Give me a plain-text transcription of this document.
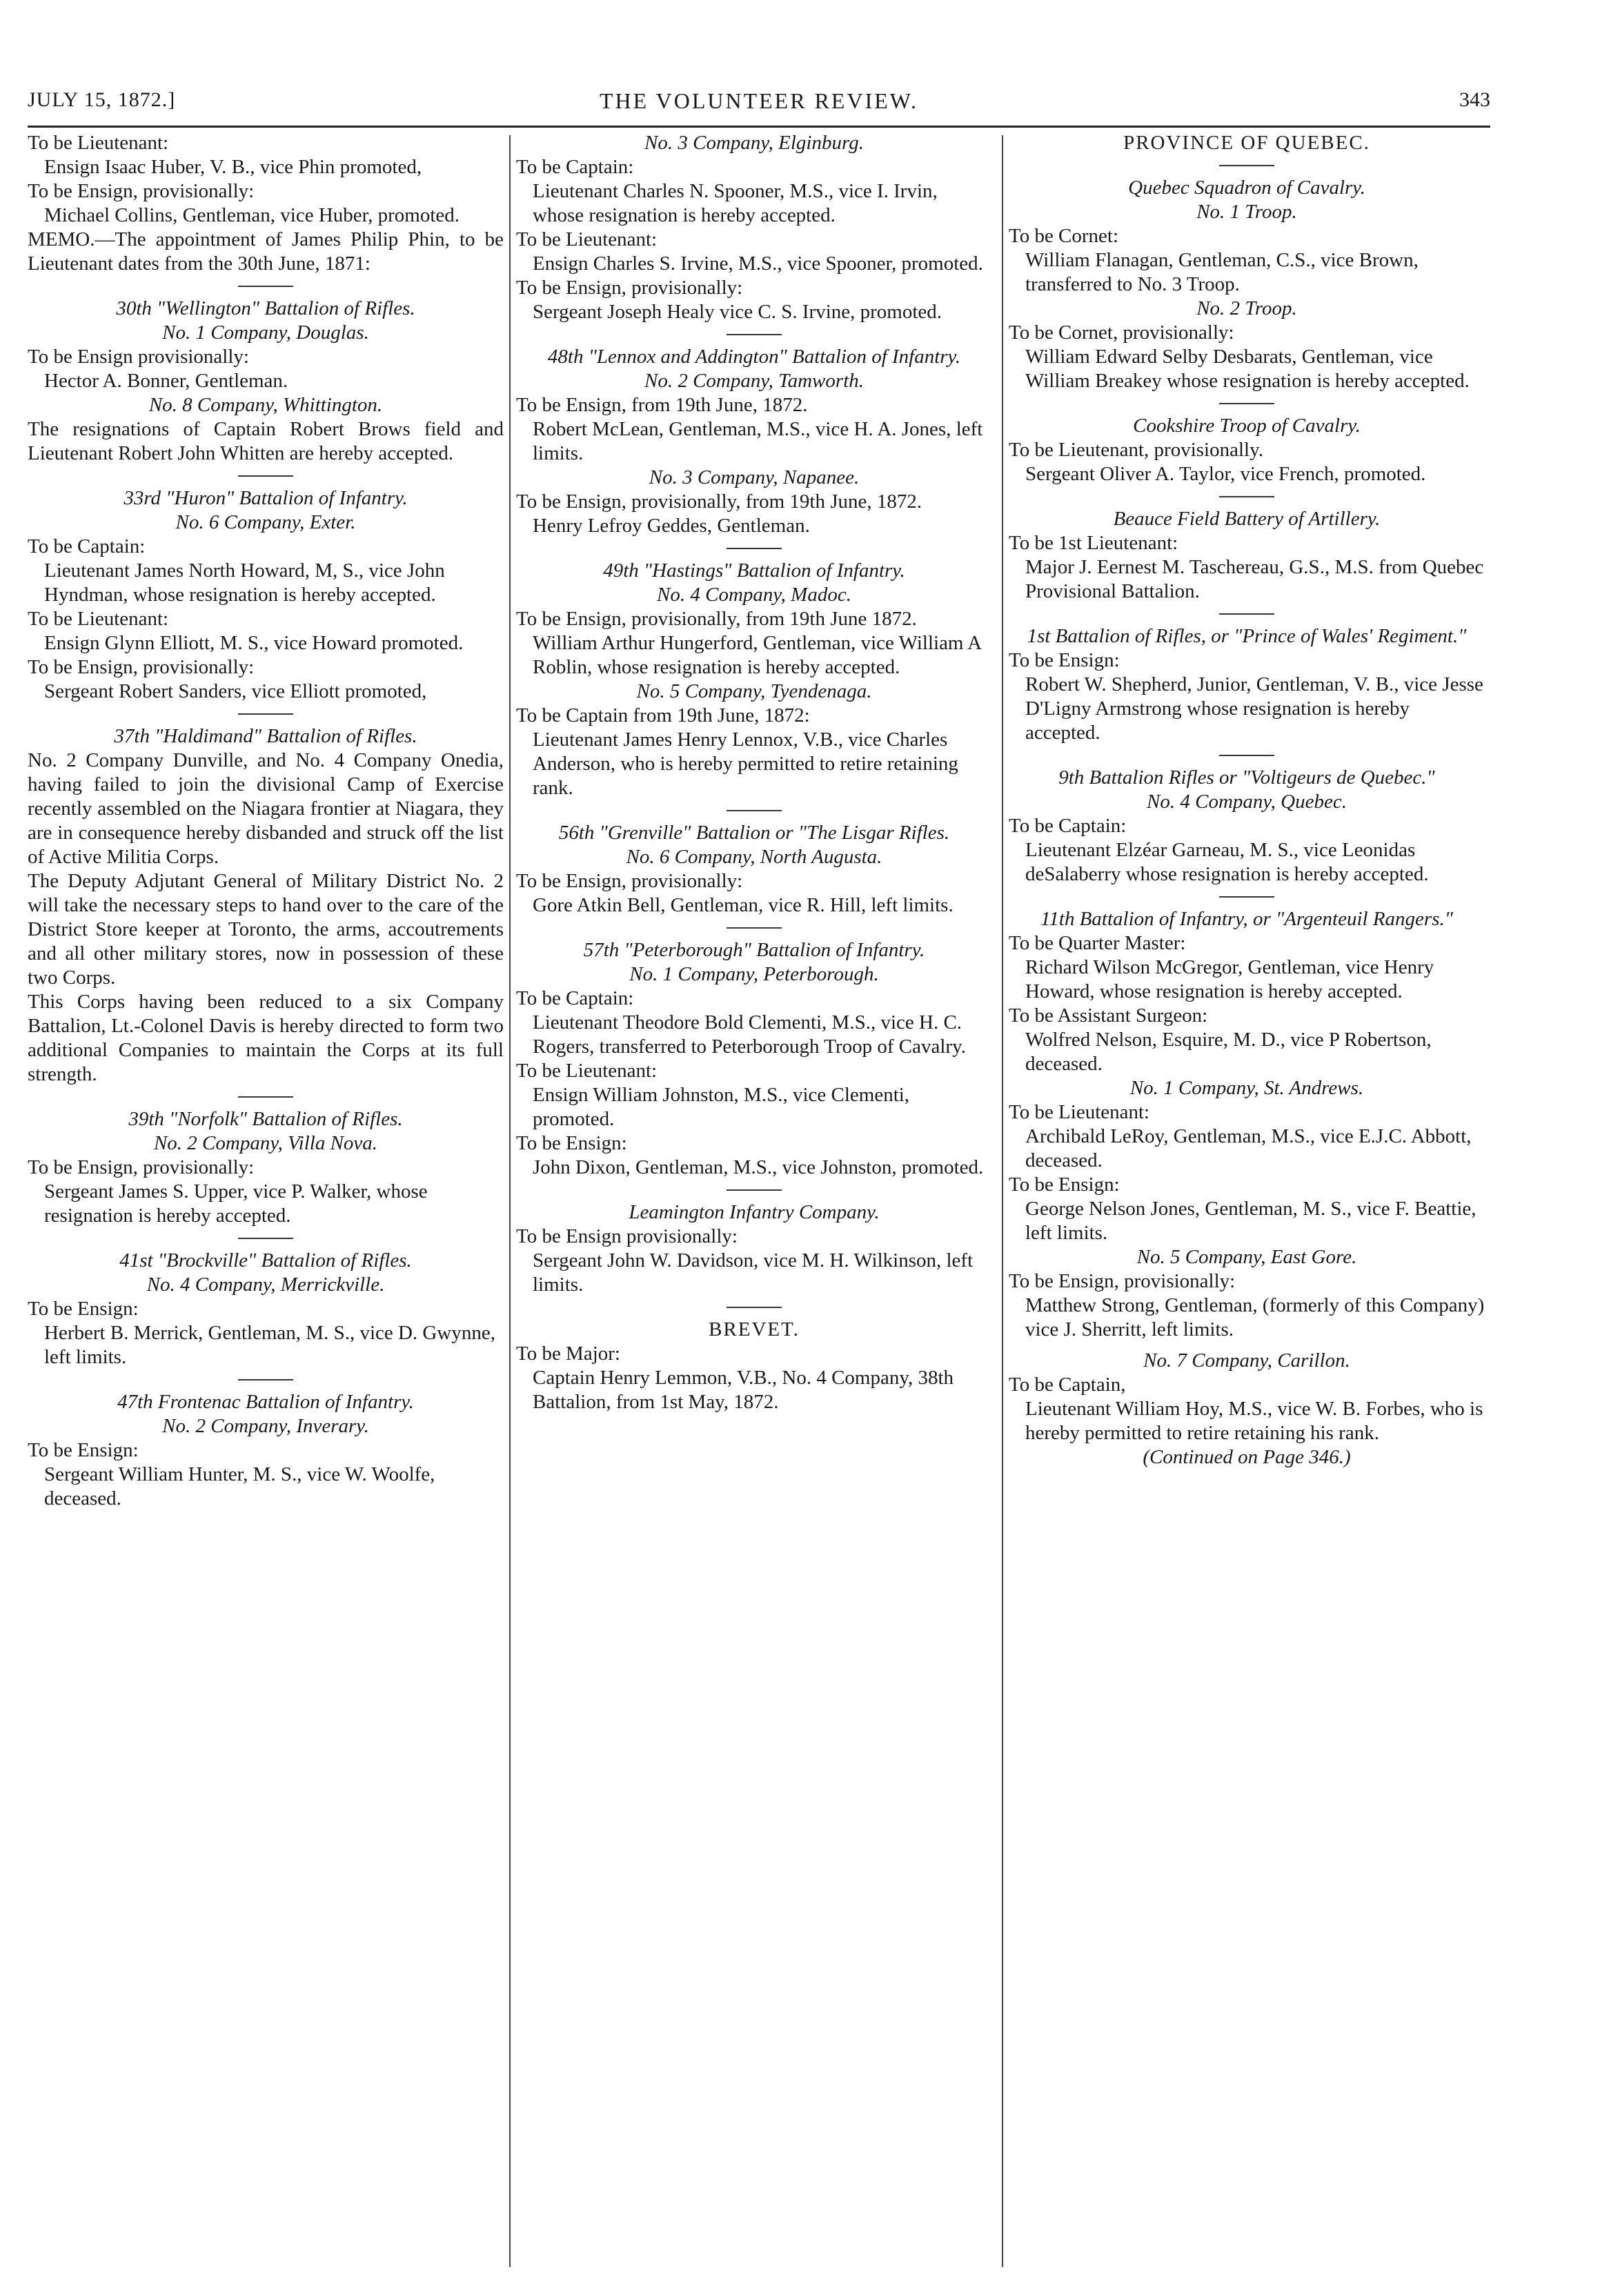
JULY 15, 1872.]	THE VOLUNTEER REVIEW.	343

To be Lieutenant:

Ensign Isaac Huber, V. B., vice Phin promoted,

To be Ensign, provisionally:

Michael Collins, Gentleman, vice Huber, promoted.

MEMO.—The appointment of James Philip Phin, to be Lieutenant dates from the 30th June, 1871:

30th "Wellington" Battalion of Rifles.

No. 1 Company, Douglas.

To be Ensign provisionally:

Hector A. Bonner, Gentleman.

No. 8 Company, Whittington.

The resignations of Captain Robert Brows field and Lieutenant Robert John Whitten are hereby accepted.

33rd "Huron" Battalion of Infantry.

No. 6 Company, Exter.

To be Captain:

Lieutenant James North Howard, M, S., vice John Hyndman, whose resignation is hereby accepted.

To be Lieutenant:

Ensign Glynn Elliott, M. S., vice Howard promoted.

To be Ensign, provisionally:

Sergeant Robert Sanders, vice Elliott promoted,

37th "Haldimand" Battalion of Rifles.

No. 2 Company Dunville, and No. 4 Company Onedia, having failed to join the divisional Camp of Exercise recently assembled on the Niagara frontier at Niagara, they are in consequence hereby disbanded and struck off the list of Active Militia Corps.

The Deputy Adjutant General of Military District No. 2 will take the necessary steps to hand over to the care of the District Store keeper at Toronto, the arms, accoutrements and all other military stores, now in possession of these two Corps.

This Corps having been reduced to a six Company Battalion, Lt.-Colonel Davis is hereby directed to form two additional Companies to maintain the Corps at its full strength.

39th "Norfolk" Battalion of Rifles.

No. 2 Company, Villa Nova.

To be Ensign, provisionally:

Sergeant James S. Upper, vice P. Walker, whose resignation is hereby accepted.

41st "Brockville" Battalion of Rifles.

No. 4 Company, Merrickville.

To be Ensign:

Herbert B. Merrick, Gentleman, M. S., vice D. Gwynne, left limits.

47th Frontenac Battalion of Infantry.

No. 2 Company, Inverary.

To be Ensign:

Sergeant William Hunter, M. S., vice W. Woolfe, deceased.

No. 3 Company, Elginburg.

To be Captain:

Lieutenant Charles N. Spooner, M.S., vice I. Irvin, whose resignation is hereby accepted.

To be Lieutenant:

Ensign Charles S. Irvine, M.S., vice Spooner, promoted.

To be Ensign, provisionally:

Sergeant Joseph Healy vice C. S. Irvine, promoted.

48th "Lennox and Addington" Battalion of Infantry.

No. 2 Company, Tamworth.

To be Ensign, from 19th June, 1872.

Robert McLean, Gentleman, M.S., vice H. A. Jones, left limits.

No. 3 Company, Napanee.

To be Ensign, provisionally, from 19th June, 1872.

Henry Lefroy Geddes, Gentleman.

49th "Hastings" Battalion of Infantry.

No. 4 Company, Madoc.

To be Ensign, provisionally, from 19th June 1872.

William Arthur Hungerford, Gentleman, vice William A Roblin, whose resignation is hereby accepted.

No. 5 Company, Tyendenaga.

To be Captain from 19th June, 1872:

Lieutenant James Henry Lennox, V.B., vice Charles Anderson, who is hereby permitted to retire retaining rank.

56th "Grenville" Battalion or "The Lisgar Rifles.

No. 6 Company, North Augusta.

To be Ensign, provisionally:

Gore Atkin Bell, Gentleman, vice R. Hill, left limits.

57th "Peterborough" Battalion of Infantry.

No. 1 Company, Peterborough.

To be Captain:

Lieutenant Theodore Bold Clementi, M.S., vice H. C. Rogers, transferred to Peterborough Troop of Cavalry.

To be Lieutenant:

Ensign William Johnston, M.S., vice Clementi, promoted.

To be Ensign:

John Dixon, Gentleman, M.S., vice Johnston, promoted.

Leamington Infantry Company.

To be Ensign provisionally:

Sergeant John W. Davidson, vice M. H. Wilkinson, left limits.

BREVET.

To be Major:

Captain Henry Lemmon, V.B., No. 4 Company, 38th Battalion, from 1st May, 1872.

PROVINCE OF QUEBEC.

Quebec Squadron of Cavalry.

No. 1 Troop.

To be Cornet:

William Flanagan, Gentleman, C.S., vice Brown, transferred to No. 3 Troop.

No. 2 Troop.

To be Cornet, provisionally:

William Edward Selby Desbarats, Gentleman, vice William Breakey whose resignation is hereby accepted.

Cookshire Troop of Cavalry.

To be Lieutenant, provisionally.

Sergeant Oliver A. Taylor, vice French, promoted.

Beauce Field Battery of Artillery.

To be 1st Lieutenant:

Major J. Eernest M. Taschereau, G.S., M.S. from Quebec Provisional Battalion.

1st Battalion of Rifles, or "Prince of Wales' Regiment."

To be Ensign:

Robert W. Shepherd, Junior, Gentleman, V. B., vice Jesse D'Ligny Armstrong whose resignation is hereby accepted.

9th Battalion Rifles or "Voltigeurs de Quebec."

No. 4 Company, Quebec.

To be Captain:

Lieutenant Elzéar Garneau, M. S., vice Leonidas deSalaberry whose resignation is hereby accepted.

11th Battalion of Infantry, or "Argenteuil Rangers."

To be Quarter Master:

Richard Wilson McGregor, Gentleman, vice Henry Howard, whose resignation is hereby accepted.

To be Assistant Surgeon:

Wolfred Nelson, Esquire, M. D., vice P Robertson, deceased.

No. 1 Company, St. Andrews.

To be Lieutenant:

Archibald LeRoy, Gentleman, M.S., vice E.J.C. Abbott, deceased.

To be Ensign:

George Nelson Jones, Gentleman, M. S., vice F. Beattie, left limits.

No. 5 Company, East Gore.

To be Ensign, provisionally:

Matthew Strong, Gentleman, (formerly of this Company) vice J. Sherritt, left limits.

No. 7 Company, Carillon.

To be Captain,

Lieutenant William Hoy, M.S., vice W. B. Forbes, who is hereby permitted to retire retaining his rank.

(Continued on Page 346.)
